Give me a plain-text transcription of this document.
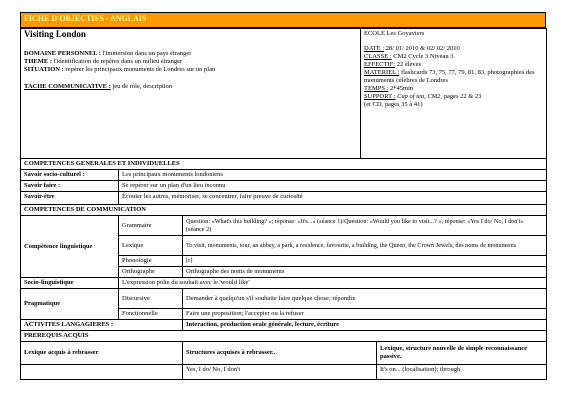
FICHE D'OBJECTIFS - ANGLAIS
Visiting London
DOMAINE PERSONNEL : l'immersion dans un pays étranger
THEME : l'identification de repères dans un milieu étranger
SITUATION : repérer les principaux monuments de Londres sur un plan
TACHE COMMUNICATIVE : jeu de rôle, description

ECOLE Les Goyaviers
DATE : 28/ 01/ 2010 & 02/ 02/ 2010
CLASSE : CM2 Cycle 3 Niveau 3
EFFECTIF: 22 élèves
MATERIEL : flashcards 73, 75, 77, 79, 81, 83, photographies des monuments célèbres de Londres
TEMPS : 2*45min
SUPPORT : Cup of tea, CM2, pages 22 & 23
(et CD, pages 35 à 41)
COMPETENCES GENERALES ET INDIVIDUELLES			
Savoir socio-culturel :	Les principaux monuments londoniens		
Savoir faire :	Se repérer sur un plan d'un lieu inconnu		
Savoir-être	Écouter les autres, mémoriser, se concentrer, faire preuve de curiosité		
COMPETENCES DE COMMUNICATION			
Compétence linguistique	Grammaire	Question: «What's this building? »; réponse: «It's...» (séance 1)/Question: «Would you like to visit...? »; réponse: «Yes I do/ No, I don't» (séance 2)	
	Lexique	To visit, monuments, tour, an abbey, a park, a residence, favourite, a building, the Queen, the Crown Jewels, des noms de monuments	
	Phonologie	[r]	
	Orthographe	Orthographe des noms de monuments	
Socio-linguistique	L'expression polie du souhait avec le 'would like'		
Pragmatique	Discursive	Demander à quelqu'un s'il souhaite faire quelque chose; répondre	
	Fonctionnelle	Faire une proposition; l'accepter ou la refuser	
ACTIVITES LANGAGIERES :		Interaction, production orale générale, lecture, écriture	
PREREQUIS ACQUIS			
Lexique acquis à rebrasser		Structures acquises à rebrasser..	Lexique, structure nouvelle de simple reconnaissance passive.
		Yes, I do/ No, I don't	It's on... (localisation); through
